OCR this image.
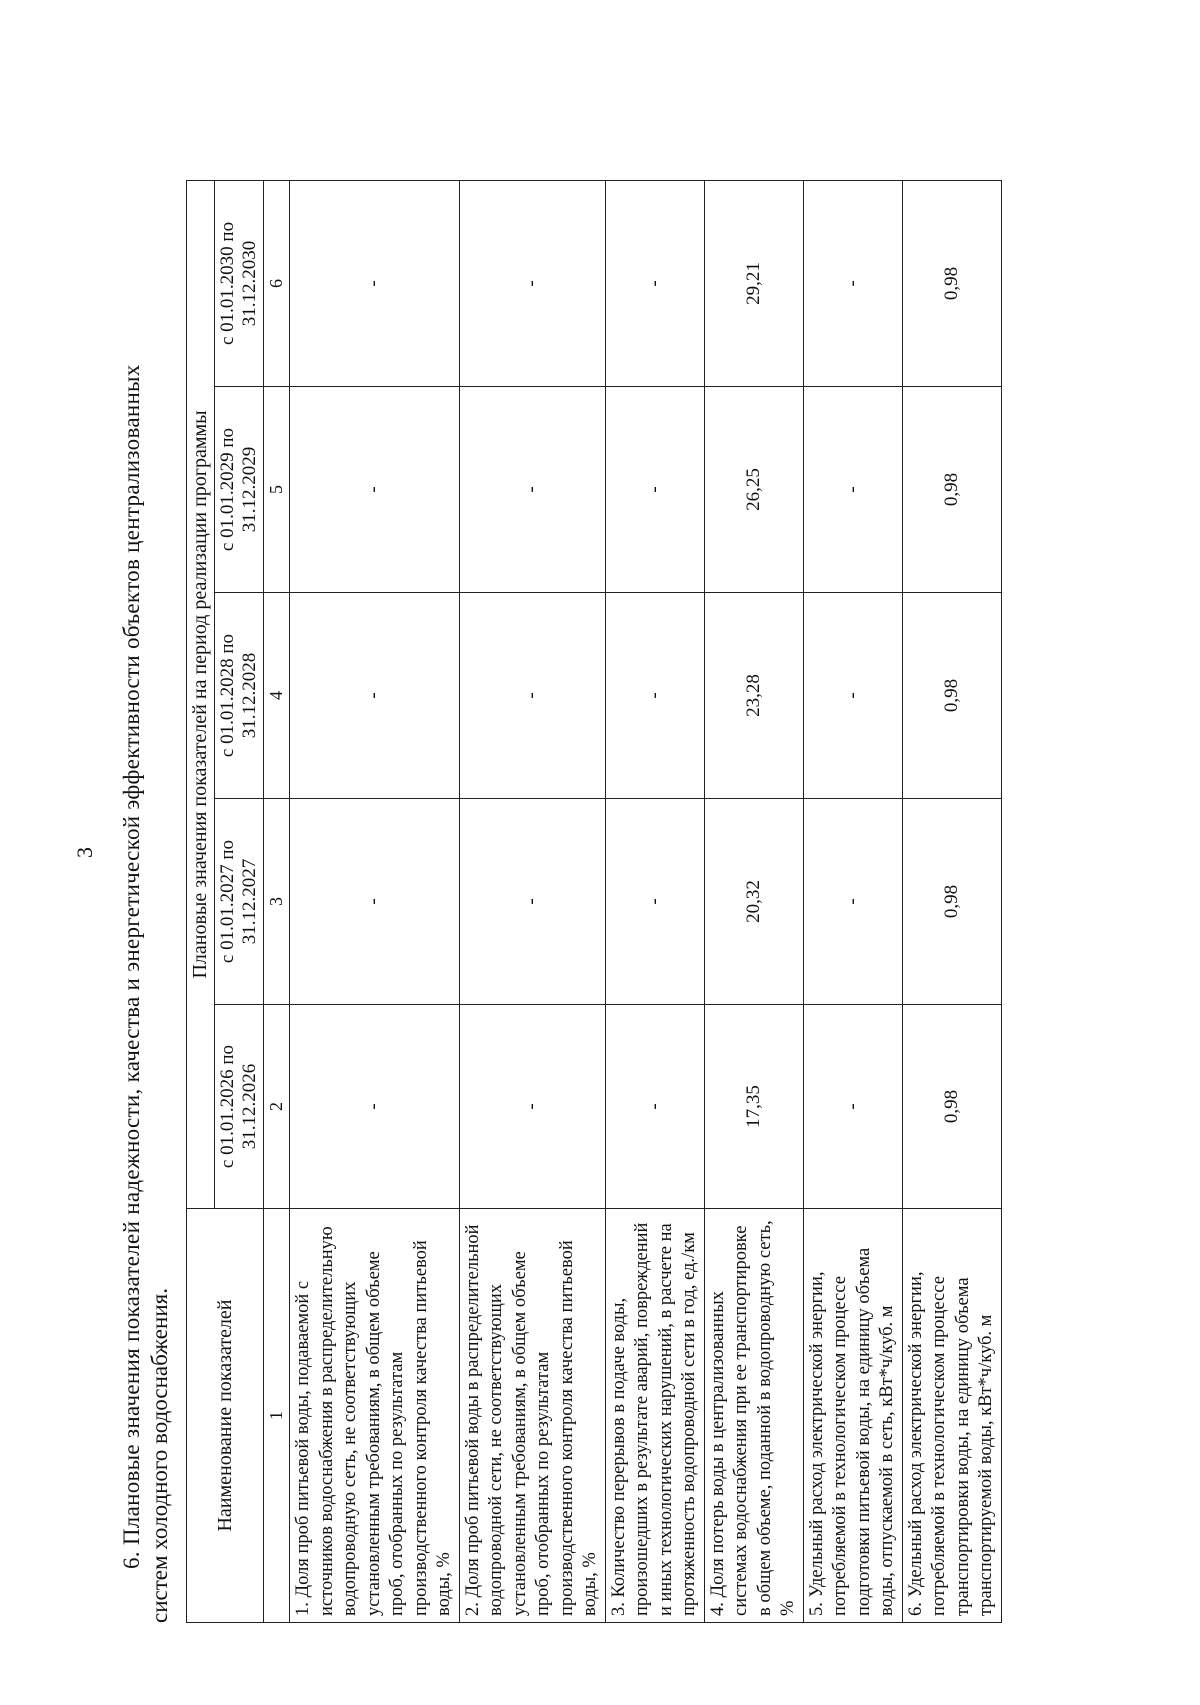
3 6. Плановые значения показателей надежности, качества и энергетической эффективности объектов централизованных систем холодного водоснабжения. Наименование показателей	Плановые значения показателей на период реализации программы				
	с 01.01.2026 по 31.12.2026	с 01.01.2027 по 31.12.2027	с 01.01.2028 по 31.12.2028	с 01.01.2029 по 31.12.2029	с 01.01.2030 по 31.12.2030
1	2	3	4	5	6
1. Доля проб питьевой воды, подаваемой с источников водоснабжения в распределительную водопроводную сеть, не соответствующих установленным требованиям, в общем объеме проб, отобранных по результатам производственного контроля качества питьевой воды, %	-	-	-	-	-
2. Доля проб питьевой воды в распределительной водопроводной сети, не соответствующих установленным требованиям, в общем объеме проб, отобранных по результатам производственного контроля качества питьевой воды, %	-	-	-	-	-
3. Количество перерывов в подаче воды, произошедших в результате аварий, повреждений и иных технологических нарушений, в расчете на протяженность водопроводной сети в год, ед./км	-	-	-	-	-
4. Доля потерь воды в централизованных системах водоснабжения при ее транспортировке в общем объеме, поданной в водопроводную сеть, %	17,35	20,32	23,28	26,25	29,21
5. Удельный расход электрической энергии, потребляемой в технологическом процессе подготовки питьевой воды, на единицу объема воды, отпускаемой в сеть, кВт*ч/куб. м	-	-	-	-	-
6. Удельный расход электрической энергии, потребляемой в технологическом процессе транспортировки воды, на единицу объема транспортируемой воды, кВт*ч/куб. м	0,98	0,98	0,98	0,98	0,98
